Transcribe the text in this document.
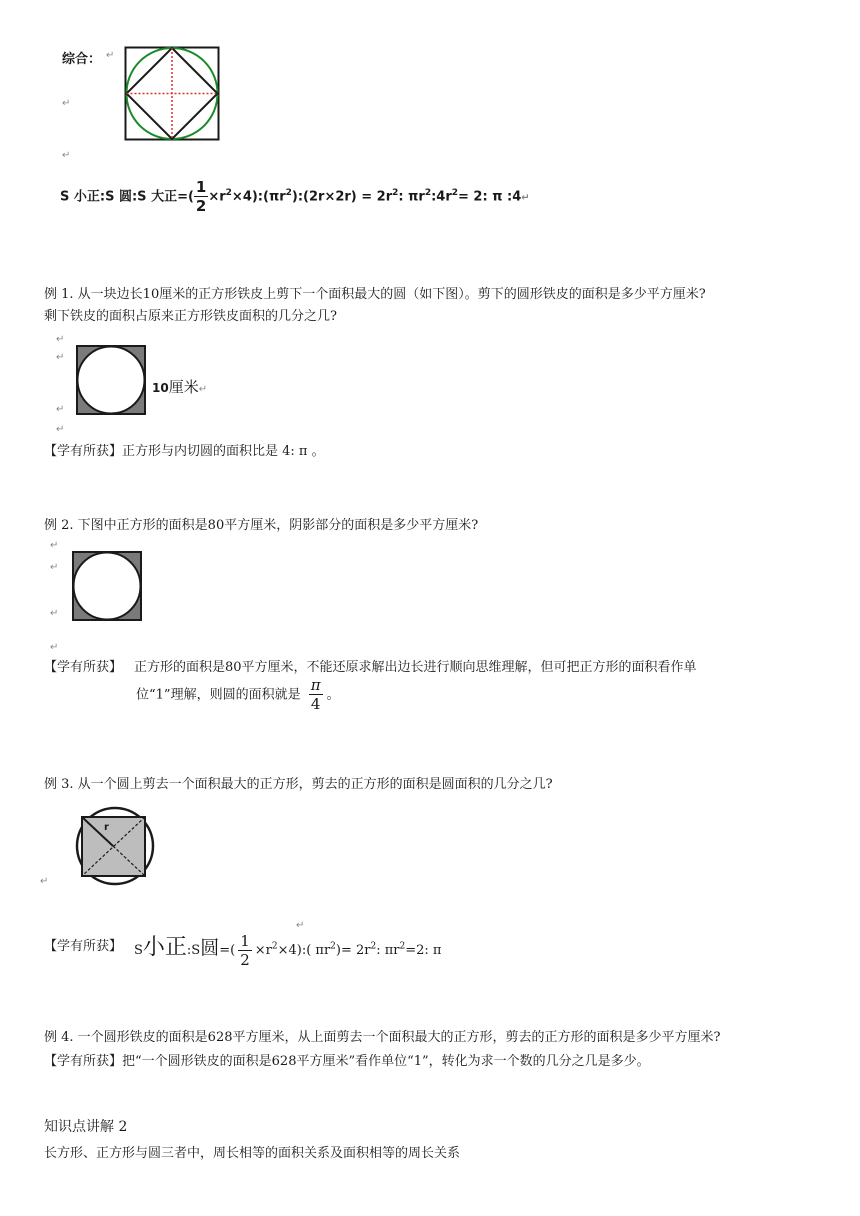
综合： ↵
↵
↵
S 小正:S 圆:S 大正=( $\frac{1}{2}$ $\times r^2\times 4):(\pi r^2):(2r\times 2r) = 2r^2$: $\pi r^2:4r^2= 2$: π :4↵
例 1. 从一块边长10厘米的正方形铁皮上剪下一个面积最大的圆（如下图）。剪下的圆形铁皮的面积是多少平方厘米?
剩下铁皮的面积占原来正方形铁皮面积的几分之几?
↵
↵
↵
↵
10厘米↵
【学有所获】正方形与内切圆的面积比是 4: π 。
例 2. 下图中正方形的面积是80平方厘米，阴影部分的面积是多少平方厘米?
↵
↵
↵
↵
【学有所获】 正方形的面积是80平方厘米，不能还原求解出边长进行顺向思维理解，但可把正方形的面积看作单
位“1”理解，则圆的面积就是 $\frac{\pi}{4}$ 。
例 3. 从一个圆上剪去一个面积最大的正方形，剪去的正方形的面积是圆面积的几分之几?
r
↵
↵
【学有所获】 S小正:S圆=( $\frac{1}{2}$ $\times r^2\times 4$):( $\pi r^2)= 2r^2$: $\pi r^2=2$: π
例 4. 一个圆形铁皮的面积是628平方厘米，从上面剪去一个面积最大的正方形，剪去的正方形的面积是多少平方厘米?
【学有所获】把“一个圆形铁皮的面积是628平方厘米”看作单位“1”，转化为求一个数的几分之几是多少。
知识点讲解 2
长方形、正方形与圆三者中，周长相等的面积关系及面积相等的周长关系
